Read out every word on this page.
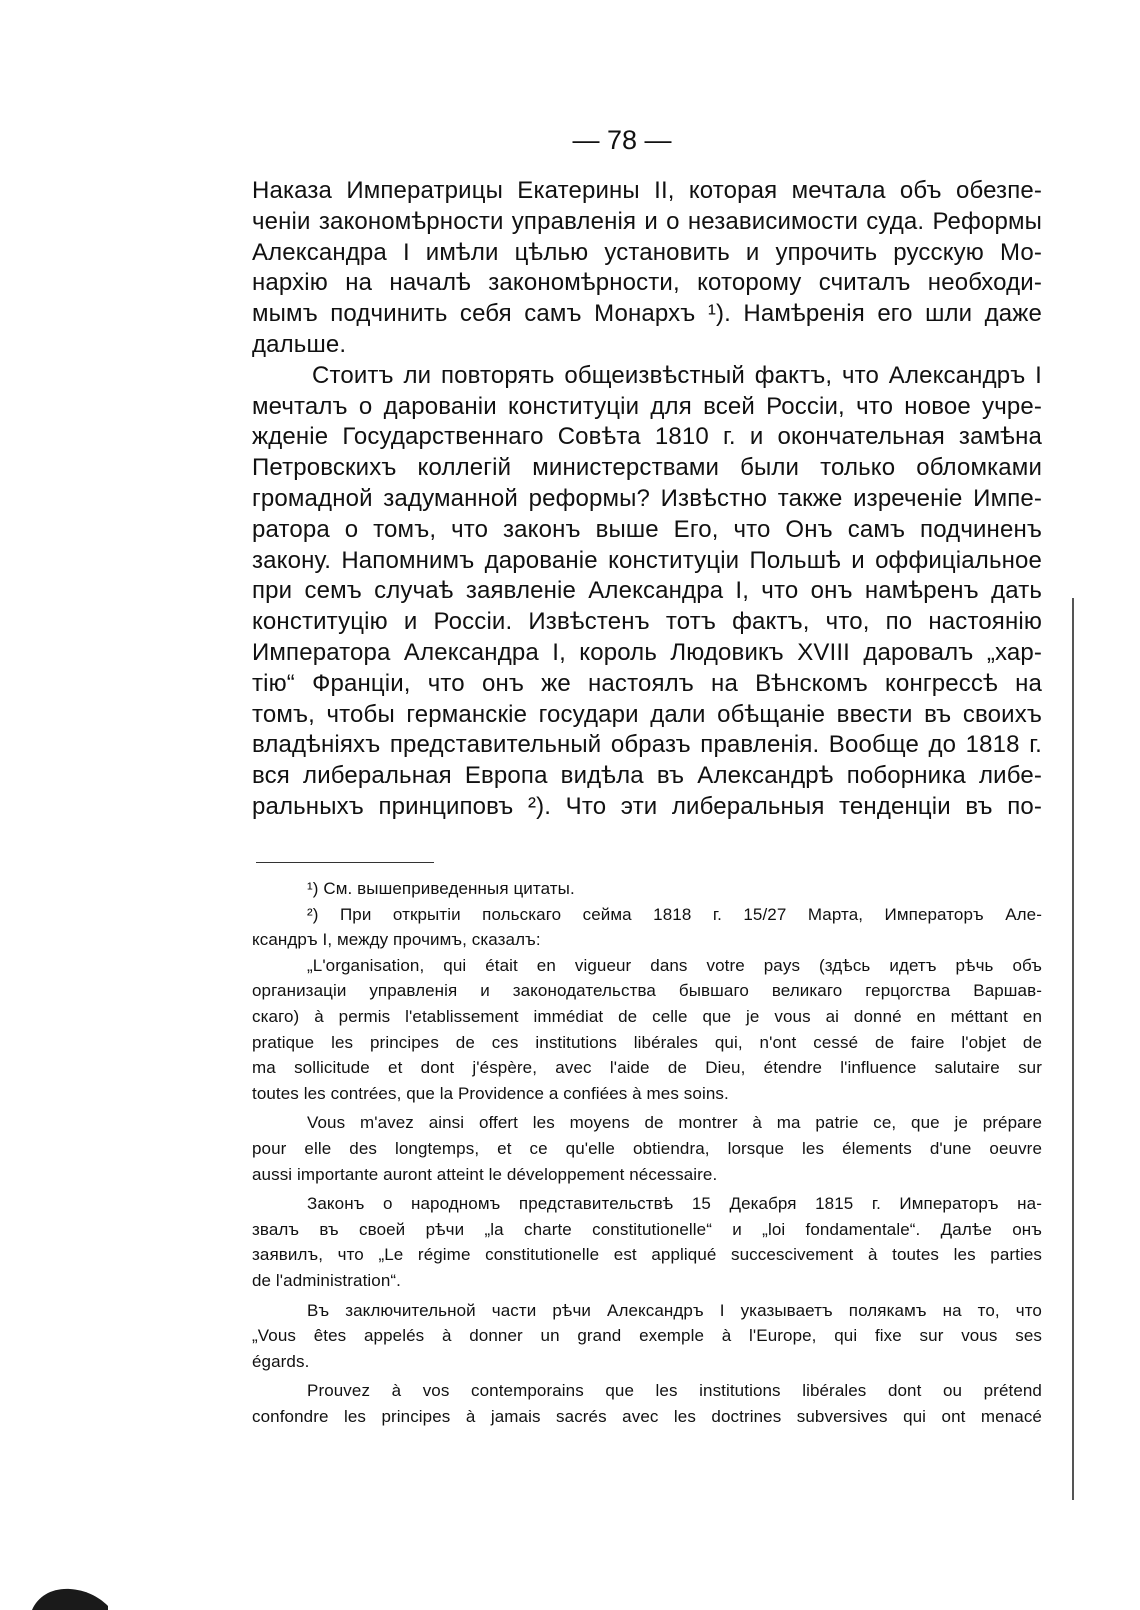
— 78 —
Наказа Императрицы Екатерины II, которая мечтала объ обезпе-
ченіи закономѣрности управленія и о независимости суда. Реформы
Александра I имѣли цѣлью установить и упрочить русскую Мо-
нархію на началѣ закономѣрности, которому считалъ необходи-
мымъ подчинить себя самъ Монархъ ¹). Намѣренія его шли даже
дальше.
Стоитъ ли повторять общеизвѣстный фактъ, что Александръ I
мечталъ о дарованіи конституціи для всей Россіи, что новое учре-
жденіе Государственнаго Совѣта 1810 г. и окончательная замѣна
Петровскихъ коллегій министерствами были только обломками
громадной задуманной реформы? Извѣстно также изреченіе Импе-
ратора о томъ, что законъ выше Его, что Онъ самъ подчиненъ
закону. Напомнимъ дарованіе конституціи Польшѣ и оффиціальное
при семъ случаѣ заявленіе Александра I, что онъ намѣренъ дать
конституцію и Россіи. Извѣстенъ тотъ фактъ, что, по настоянію
Императора Александра I, король Людовикъ XVIII даровалъ „хар-
тію“ Франціи, что онъ же настоялъ на Вѣнскомъ конгрессѣ на
томъ, чтобы германскіе государи дали обѣщаніе ввести въ своихъ
владѣніяхъ представительный образъ правленія. Вообще до 1818 г.
вся либеральная Европа видѣла въ Александрѣ поборника либе-
ральныхъ принциповъ ²). Что эти либеральныя тенденціи въ по-
¹) См. вышеприведенныя цитаты.
²) При открытіи польскаго сейма 1818 г. 15/27 Марта, Императоръ Але-
ксандръ I, между прочимъ, сказалъ:
„L'organisation, qui était en vigueur dans votre pays (здѣсь идетъ рѣчь объ
организаціи управленія и законодательства бывшаго великаго герцогства Варшав-
скаго) à permis l'etablissement immédiat de celle que je vous ai donné en méttant en
pratique les principes de ces institutions libérales qui, n'ont cessé de faire l'objet de
ma sollicitude et dont j'éspère, avec l'aide de Dieu, étendre l'influence salutaire sur
toutes les contrées, que la Providence a confiées à mes soins.
Vous m'avez ainsi offert les moyens de montrer à ma patrie ce, que je prépare
pour elle des longtemps, et ce qu'elle obtiendra, lorsque les élements d'une oeuvre
aussi importante auront atteint le développement nécessaire.
Законъ о народномъ представительствѣ 15 Декабря 1815 г. Императоръ на-
звалъ въ своей рѣчи „la charte constitutionelle“ и „loi fondamentale“. Далѣе онъ
заявилъ, что „Le régime constitutionelle est appliqué succescivement à toutes les parties
de l'administration“.
Въ заключительной части рѣчи Александръ I указываетъ полякамъ на то, что
„Vous êtes appelés à donner un grand exemple à l'Europe, qui fixe sur vous ses
égards.
Prouvez à vos contemporains que les institutions libérales dont ou prétend
confondre les principes à jamais sacrés avec les doctrines subversives qui ont menacé
